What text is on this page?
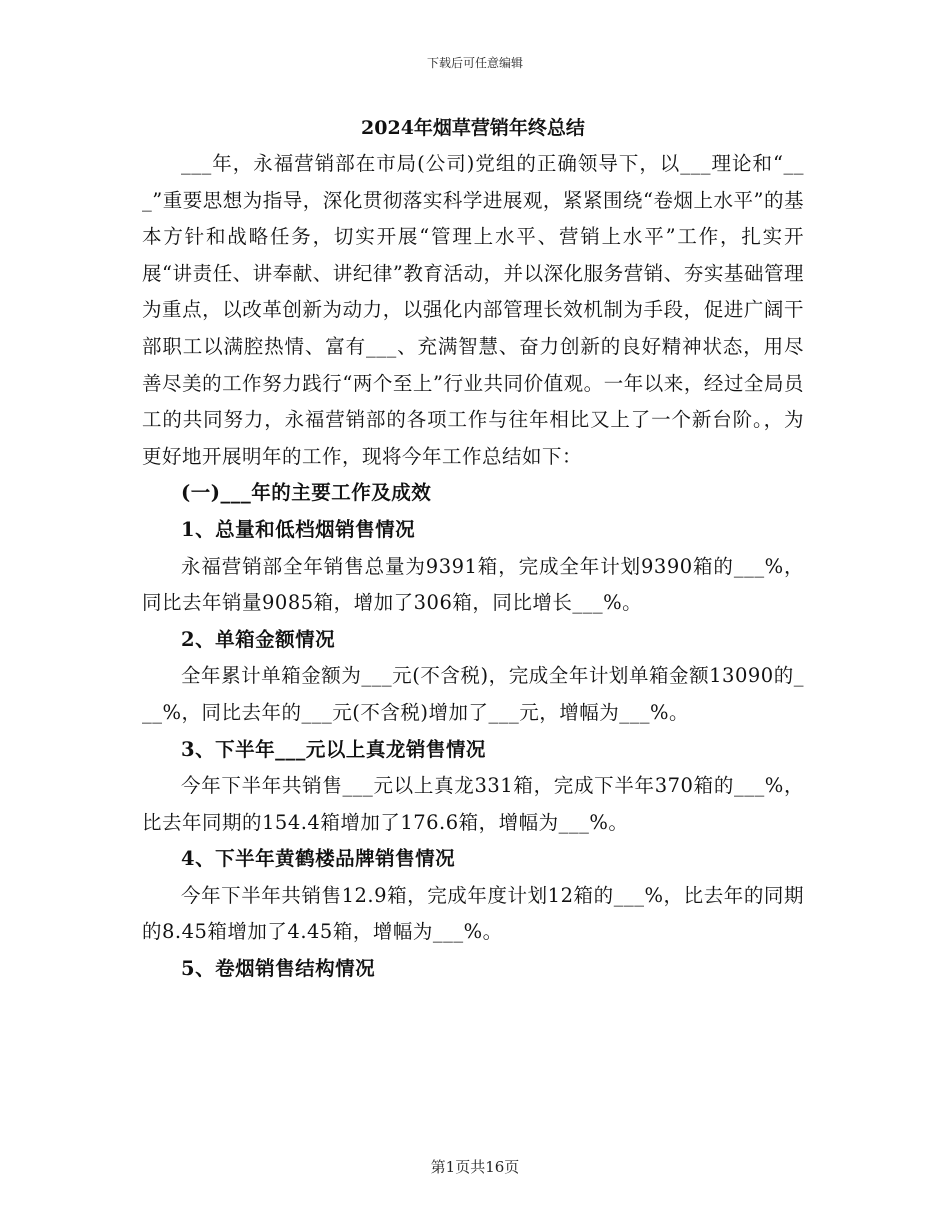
下载后可任意编辑
2024年烟草营销年终总结

___年，永福营销部在市局(公司)党组的正确领导下，以___理论和“___”重要思想为指导，深化贯彻落实科学进展观，紧紧围绕“卷烟上水平”的基本方针和战略任务，切实开展“管理上水平、营销上水平”工作，扎实开展“讲责任、讲奉献、讲纪律”教育活动，并以深化服务营销、夯实基础管理为重点，以改革创新为动力，以强化内部管理长效机制为手段，促进广阔干部职工以满腔热情、富有___、充满智慧、奋力创新的良好精神状态，用尽善尽美的工作努力践行“两个至上”行业共同价值观。一年以来，经过全局员工的共同努力，永福营销部的各项工作与往年相比又上了一个新台阶。，为更好地开展明年的工作，现将今年工作总结如下：

(一)___年的主要工作及成效

1、总量和低档烟销售情况

永福营销部全年销售总量为9391箱，完成全年计划9390箱的___%，同比去年销量9085箱，增加了306箱，同比增长___%。

2、单箱金额情况

全年累计单箱金额为___元(不含税)，完成全年计划单箱金额13090的___%，同比去年的___元(不含税)增加了___元，增幅为___%。

3、下半年___元以上真龙销售情况

今年下半年共销售___元以上真龙331箱，完成下半年370箱的___%，比去年同期的154.4箱增加了176.6箱，增幅为___%。

4、下半年黄鹤楼品牌销售情况

今年下半年共销售12.9箱，完成年度计划12箱的___%，比去年的同期的8.45箱增加了4.45箱，增幅为___%。

5、卷烟销售结构情况

第1页共16页
